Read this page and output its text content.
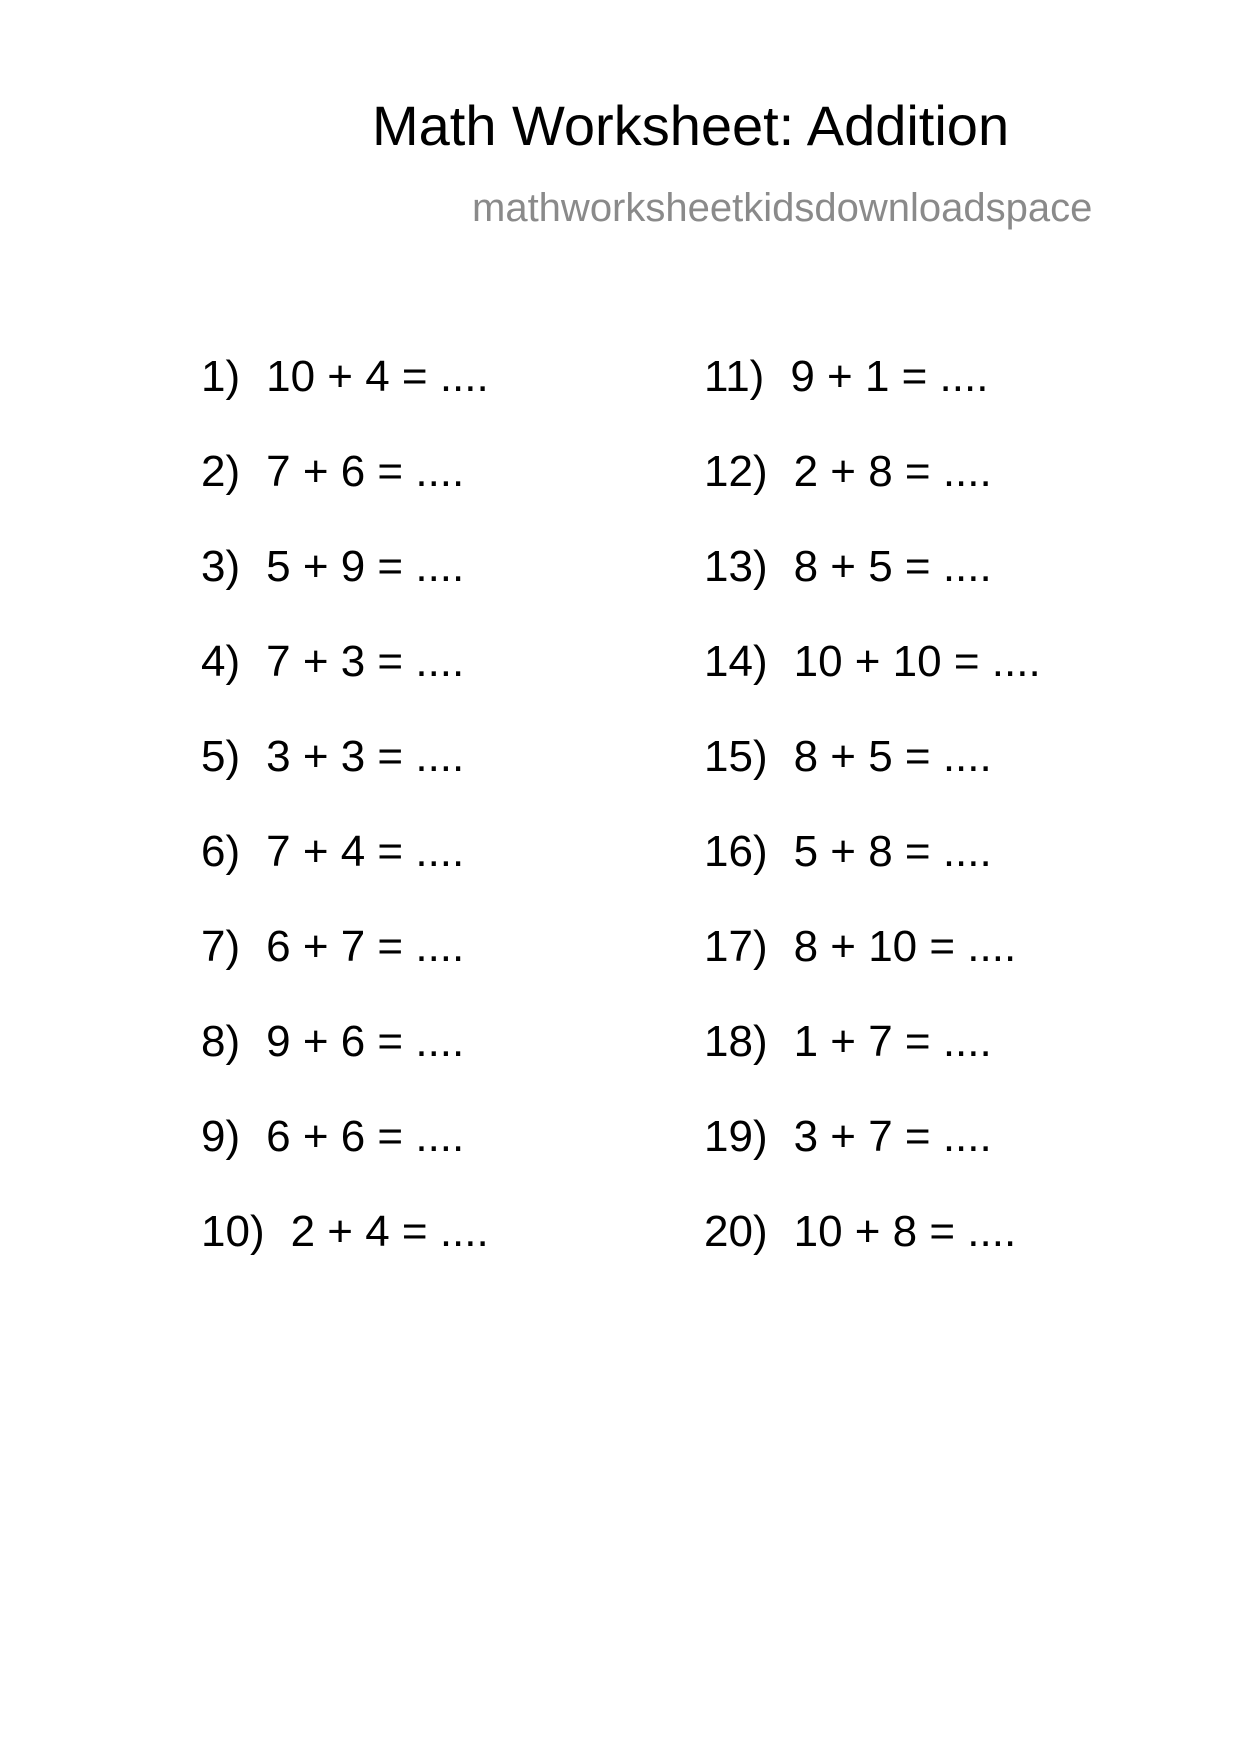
Math Worksheet: Addition
mathworksheetkidsdownloadspace
1) 10 + 4 = ....
2) 7 + 6 = ....
3) 5 + 9 = ....
4) 7 + 3 = ....
5) 3 + 3 = ....
6) 7 + 4 = ....
7) 6 + 7 = ....
8) 9 + 6 = ....
9) 6 + 6 = ....
10) 2 + 4 = ....
11) 9 + 1 = ....
12) 2 + 8 = ....
13) 8 + 5 = ....
14) 10 + 10 = ....
15) 8 + 5 = ....
16) 5 + 8 = ....
17) 8 + 10 = ....
18) 1 + 7 = ....
19) 3 + 7 = ....
20) 10 + 8 = ....
